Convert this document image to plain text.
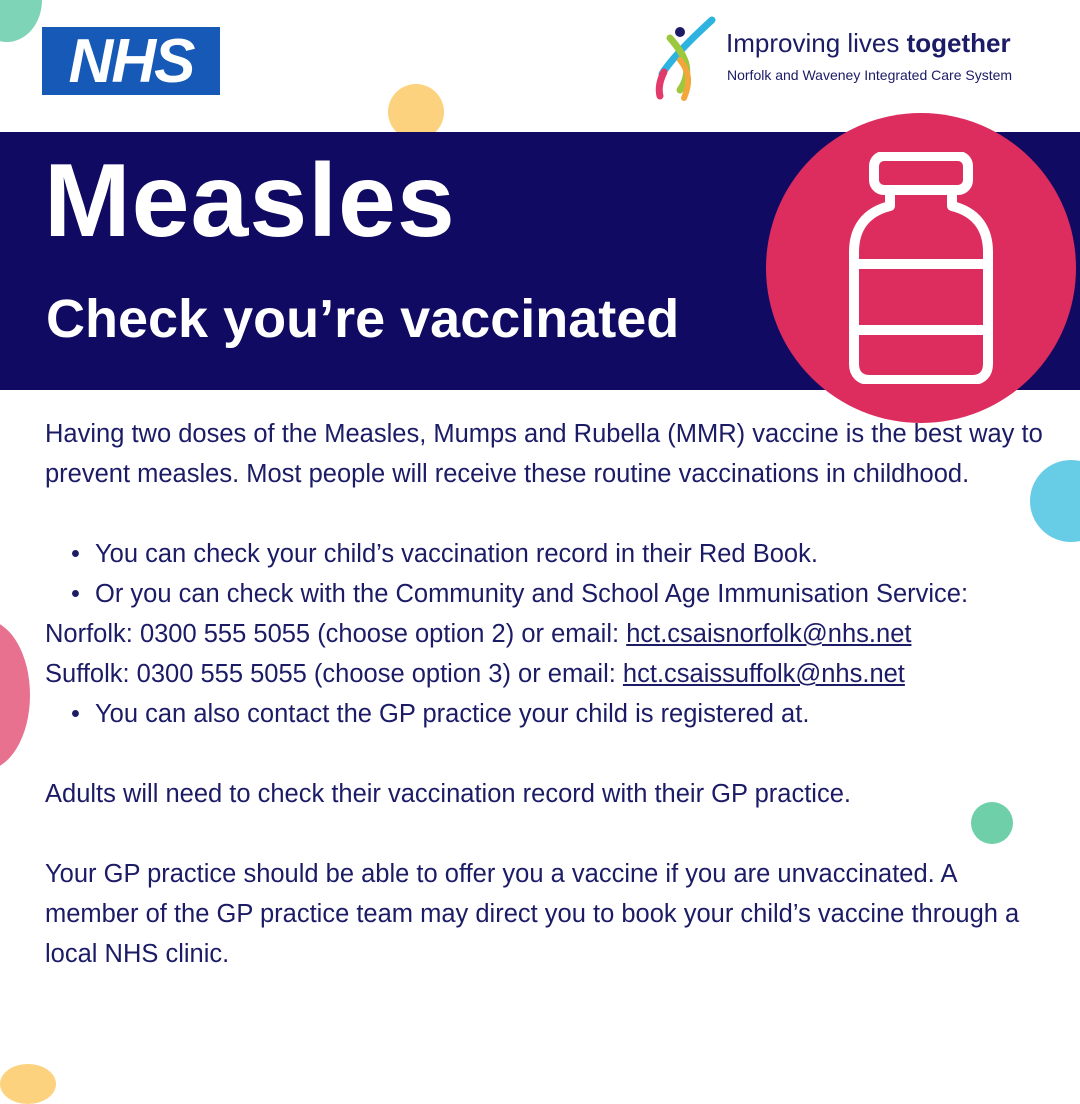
NHS	Improving lives together
Norfolk and Waveney Integrated Care System
Measles
Check you’re vaccinated

Having two doses of the Measles, Mumps and Rubella (MMR) vaccine is the best way to prevent measles. Most people will receive these routine vaccinations in childhood.

• You can check your child’s vaccination record in their Red Book.

• Or you can check with the Community and School Age Immunisation Service:

Norfolk: 0300 555 5055 (choose option 2) or email: hct.csaisnorfolk@nhs.net

Suffolk: 0300 555 5055 (choose option 3) or email: hct.csaissuffolk@nhs.net

• You can also contact the GP practice your child is registered at.

Adults will need to check their vaccination record with their GP practice.

Your GP practice should be able to offer you a vaccine if you are unvaccinated. A member of the GP practice team may direct you to book your child’s vaccine through a local NHS clinic.
